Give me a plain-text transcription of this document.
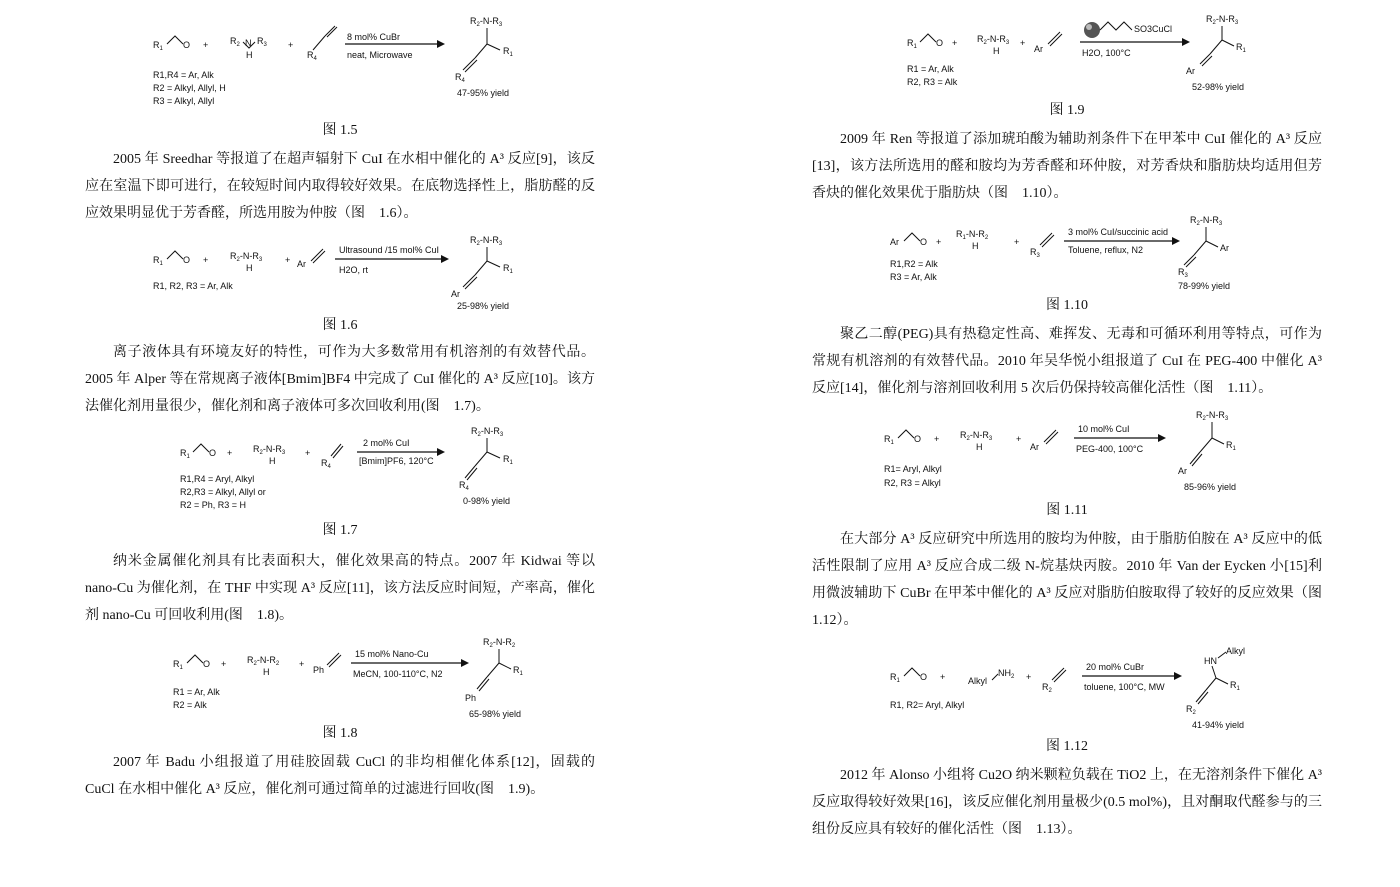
$R_1$ $O + R_2$
H
N $R_3$ +
$R_4$
8 mol% CuBr
neat, Microwave
$R_2-N-R_3$
$R_1$
$R_4$
R1,R4 = Ar, Alk
R2 = Alkyl, Allyl, H
R3 = Alkyl, Allyl
47-95% yield

图 1.5

2005 年 Sreedhar 等报道了在超声辐射下 CuI 在水相中催化的 A³ 反应[9]，该反应在室温下即可进行，在较短时间内取得较好效果。在底物选择性上，脂肪醛的反应效果明显优于芳香醛，所选用胺为仲胺（图　1.6）。

$R_1$ $O + R_2-N-R_3$
H
+ Ar
Ultrasound /15 mol% CuI
H2O, rt
$R_2-N-R_3$
$R_1$
Ar
R1, R2, R3 = Ar, Alk
25-98% yield

图 1.6

离子液体具有环境友好的特性，可作为大多数常用有机溶剂的有效替代品。2005 年 Alper 等在常规离子液体[Bmim]BF4 中完成了 CuI 催化的 A³ 反应[10]。该方法催化剂用量很少，催化剂和离子液体可多次回收利用(图　1.7)。

$R_1$ $O + R_2-N-R_3$
H
+
$R_4$
2 mol% CuI
[Bmim]PF6, 120°C
$R_2-N-R_3$
$R_1$
$R_4$
R1,R4 = Aryl, Alkyl
R2,R3 = Alkyl, Allyl or
R2 = Ph, R3 = H	0-98% yield

图 1.7

纳米金属催化剂具有比表面积大，催化效果高的特点。2007 年 Kidwai 等以 nano-Cu 为催化剂，在 THF 中实现 A³ 反应[11]，该方法反应时间短，产率高，催化剂 nano-Cu 可回收利用(图　1.8)。

$R_1$ $O + R_2-N-R_2$
H
+
Ph
15 mol% Nano-Cu
MeCN, 100-110°C, N2
$R_2-N-R_2$
$R_1$
Ph
R1 = Ar, Alk
R2 = Alk
65-98% yield

图 1.8

2007 年 Badu 小组报道了用硅胶固载 CuCl 的非均相催化体系[12]，固载的 CuCl 在水相中催化 A³ 反应，催化剂可通过简单的过滤进行回收(图　1.9)。

$R_1$ $O + R_2-N-R_3$
H
+
Ar
SO3CuCl
H2O, 100°C
$R_2-N-R_3$
$R_1$
Ar
R1 = Ar, Alk
R2, R3 = Alk	52-98% yield

图 1.9

2009 年 Ren 等报道了添加琥珀酸为辅助剂条件下在甲苯中 CuI 催化的 A³ 反应[13]，该方法所选用的醛和胺均为芳香醛和环仲胺，对芳香炔和脂肪炔均适用但芳香炔的催化效果优于脂肪炔（图　1.10）。

Ar O +
$R_1-N-R_2$
H	+
$R_3$
3 mol% CuI/succinic acid
Toluene, reflux, N2
$R_2-N-R_3$
Ar
$R_3$
R1,R2 = Alk
R3 = Ar, Alk
78-99% yield

图 1.10

聚乙二醇(PEG)具有热稳定性高、难挥发、无毒和可循环利用等特点，可作为常规有机溶剂的有效替代品。2010 年吴华悦小组报道了 CuI 在 PEG-400 中催化 A³ 反应[14]，催化剂与溶剂回收利用 5 次后仍保持较高催化活性（图　1.11）。

$R_1$ $O + R_2-N-R_3$
H
+
Ar
10 mol% CuI
PEG-400, 100°C
$R_2-N-R_3$
$R_1$
Ar
R1= Aryl, Alkyl
R2, R3 = Alkyl	85-96% yield

图 1.11

在大部分 A³ 反应研究中所选用的胺均为仲胺，由于脂肪伯胺在 A³ 反应中的低活性限制了应用 A³ 反应合成二级 N-烷基炔丙胺。2010 年 Van der Eycken 小[15]利用微波辅助下 CuBr 在甲苯中催化的 A³ 反应对脂肪伯胺取得了较好的反应效果（图 1.12）。

$R_1$ O +	Alkyl
$NH_2$ +
$R_2$
20 mol% CuBr
toluene, 100°C, MW
HN
Alkyl
$R_1$
$R_2$
R1, R2= Aryl, Alkyl
41-94% yield

图 1.12

2012 年 Alonso 小组将 Cu2O 纳米颗粒负载在 TiO2 上，在无溶剂条件下催化 A³ 反应取得较好效果[16]，该反应催化剂用量极少(0.5 mol%)，且对酮取代醛参与的三组份反应具有较好的催化活性（图　1.13）。
